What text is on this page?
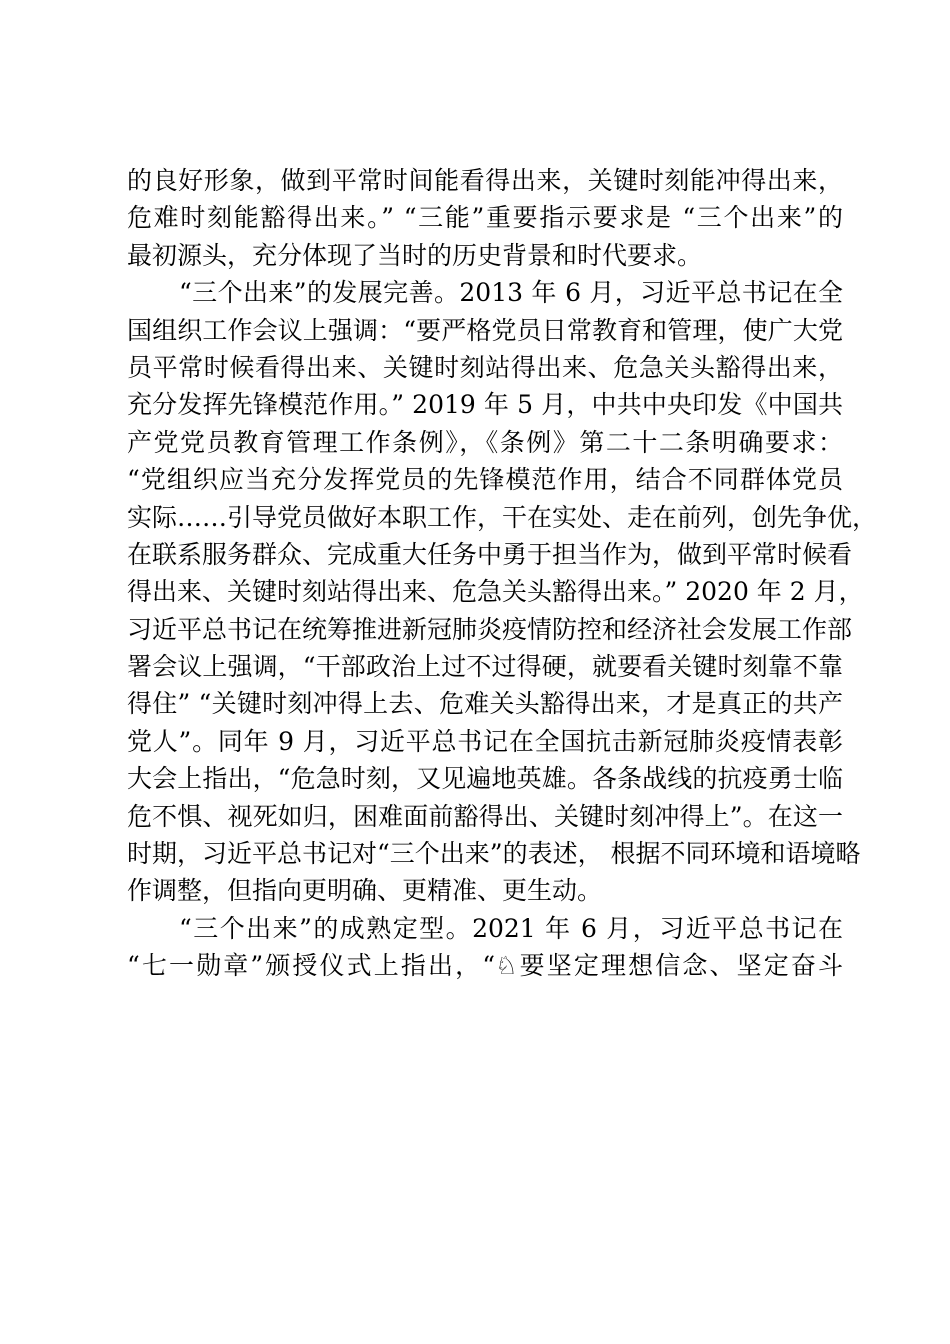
的良好形象，做到平常时间能看得出来，关键时刻能冲得出来，
危难时刻能豁得出来。” “三能”重要指示要求是 “三个出来”的
最初源头，充分体现了当时的历史背景和时代要求。
“三个出来”的发展完善。2013 年 6 月，习近平总书记在全
国组织工作会议上强调：“要严格党员日常教育和管理，使广大党
员平常时候看得出来、关键时刻站得出来、危急关头豁得出来，
充分发挥先锋模范作用。” 2019 年 5 月，中共中央印发《中国共
产党党员教育管理工作条例》，《条例》第二十二条明确要求：
“党组织应当充分发挥党员的先锋模范作用，结合不同群体党员
实际……引导党员做好本职工作，干在实处、走在前列，创先争优，
在联系服务群众、完成重大任务中勇于担当作为，做到平常时候看
得出来、关键时刻站得出来、危急关头豁得出来。” 2020 年 2 月，
习近平总书记在统筹推进新冠肺炎疫情防控和经济社会发展工作部
署会议上强调，“干部政治上过不过得硬，就要看关键时刻靠不靠
得住” “关键时刻冲得上去、危难关头豁得出来，才是真正的共产
党人”。同年 9 月，习近平总书记在全国抗击新冠肺炎疫情表彰
大会上指出，“危急时刻，又见遍地英雄。各条战线的抗疫勇士临
危不惧、视死如归，困难面前豁得出、关键时刻冲得上”。在这一
时期，习近平总书记对“三个出来”的表述， 根据不同环境和语境略
作调整，但指向更明确、更精准、更生动。
“三个出来”的成熟定型。2021 年 6 月，习近平总书记在
“七一勋章”颁授仪式上指出，“♘要坚定理想信念、坚定奋斗
